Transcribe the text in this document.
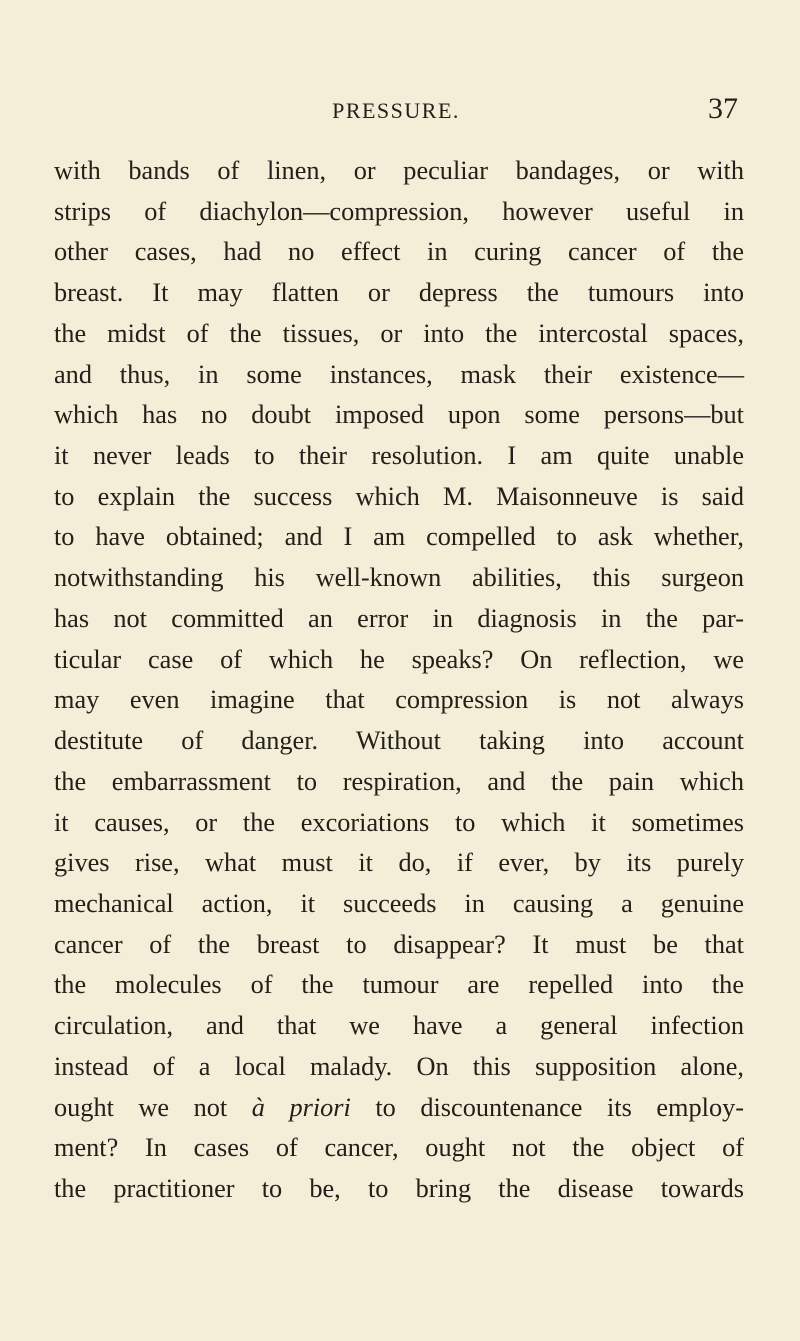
PRESSURE.	37
with bands of linen, or peculiar bandages, or with
strips of diachylon—compression, however useful in
other cases, had no effect in curing cancer of the
breast. It may flatten or depress the tumours into
the midst of the tissues, or into the intercostal spaces,
and thus, in some instances, mask their existence—
which has no doubt imposed upon some persons—but
it never leads to their resolution. I am quite unable
to explain the success which M. Maisonneuve is said
to have obtained; and I am compelled to ask whether,
notwithstanding his well-known abilities, this surgeon
has not committed an error in diagnosis in the par-
ticular case of which he speaks? On reflection, we
may even imagine that compression is not always
destitute of danger. Without taking into account
the embarrassment to respiration, and the pain which
it causes, or the excoriations to which it sometimes
gives rise, what must it do, if ever, by its purely
mechanical action, it succeeds in causing a genuine
cancer of the breast to disappear? It must be that
the molecules of the tumour are repelled into the
circulation, and that we have a general infection
instead of a local malady. On this supposition alone,
ought we not à priori to discountenance its employ-
ment? In cases of cancer, ought not the object of
the practitioner to be, to bring the disease towards
